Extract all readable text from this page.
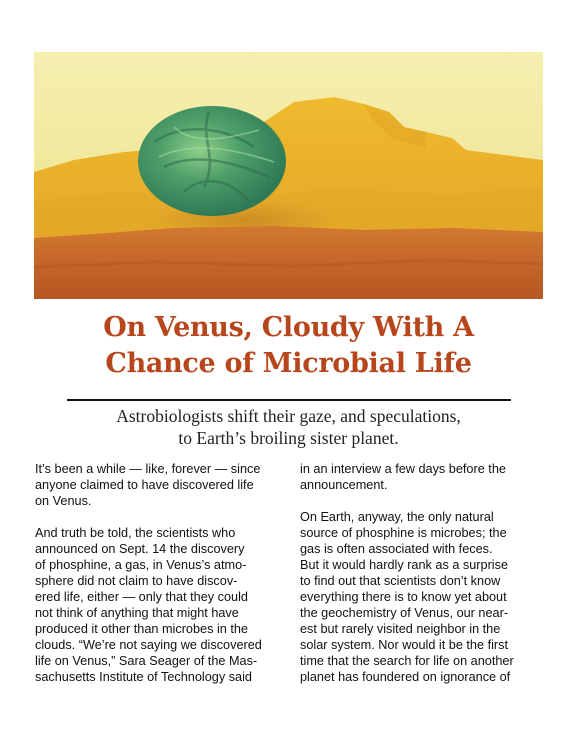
On Venus, Cloudy With A
Chance of Microbial Life

Astrobiologists shift their gaze, and speculations,
to Earth’s broiling sister planet.

It’s been a while — like, forever — since
anyone claimed to have discovered life
on Venus.

And truth be told, the scientists who
announced on Sept. 14 the discovery
of phosphine, a gas, in Venus’s atmo-
sphere did not claim to have discov-
ered life, either — only that they could
not think of anything that might have
produced it other than microbes in the
clouds. “We’re not saying we discovered
life on Venus,” Sara Seager of the Mas-
sachusetts Institute of Technology said

in an interview a few days before the
announcement.

On Earth, anyway, the only natural
source of phosphine is microbes; the
gas is often associated with feces.
But it would hardly rank as a surprise
to find out that scientists don’t know
everything there is to know yet about
the geochemistry of Venus, our near-
est but rarely visited neighbor in the
solar system. Nor would it be the first
time that the search for life on another
planet has foundered on ignorance of
